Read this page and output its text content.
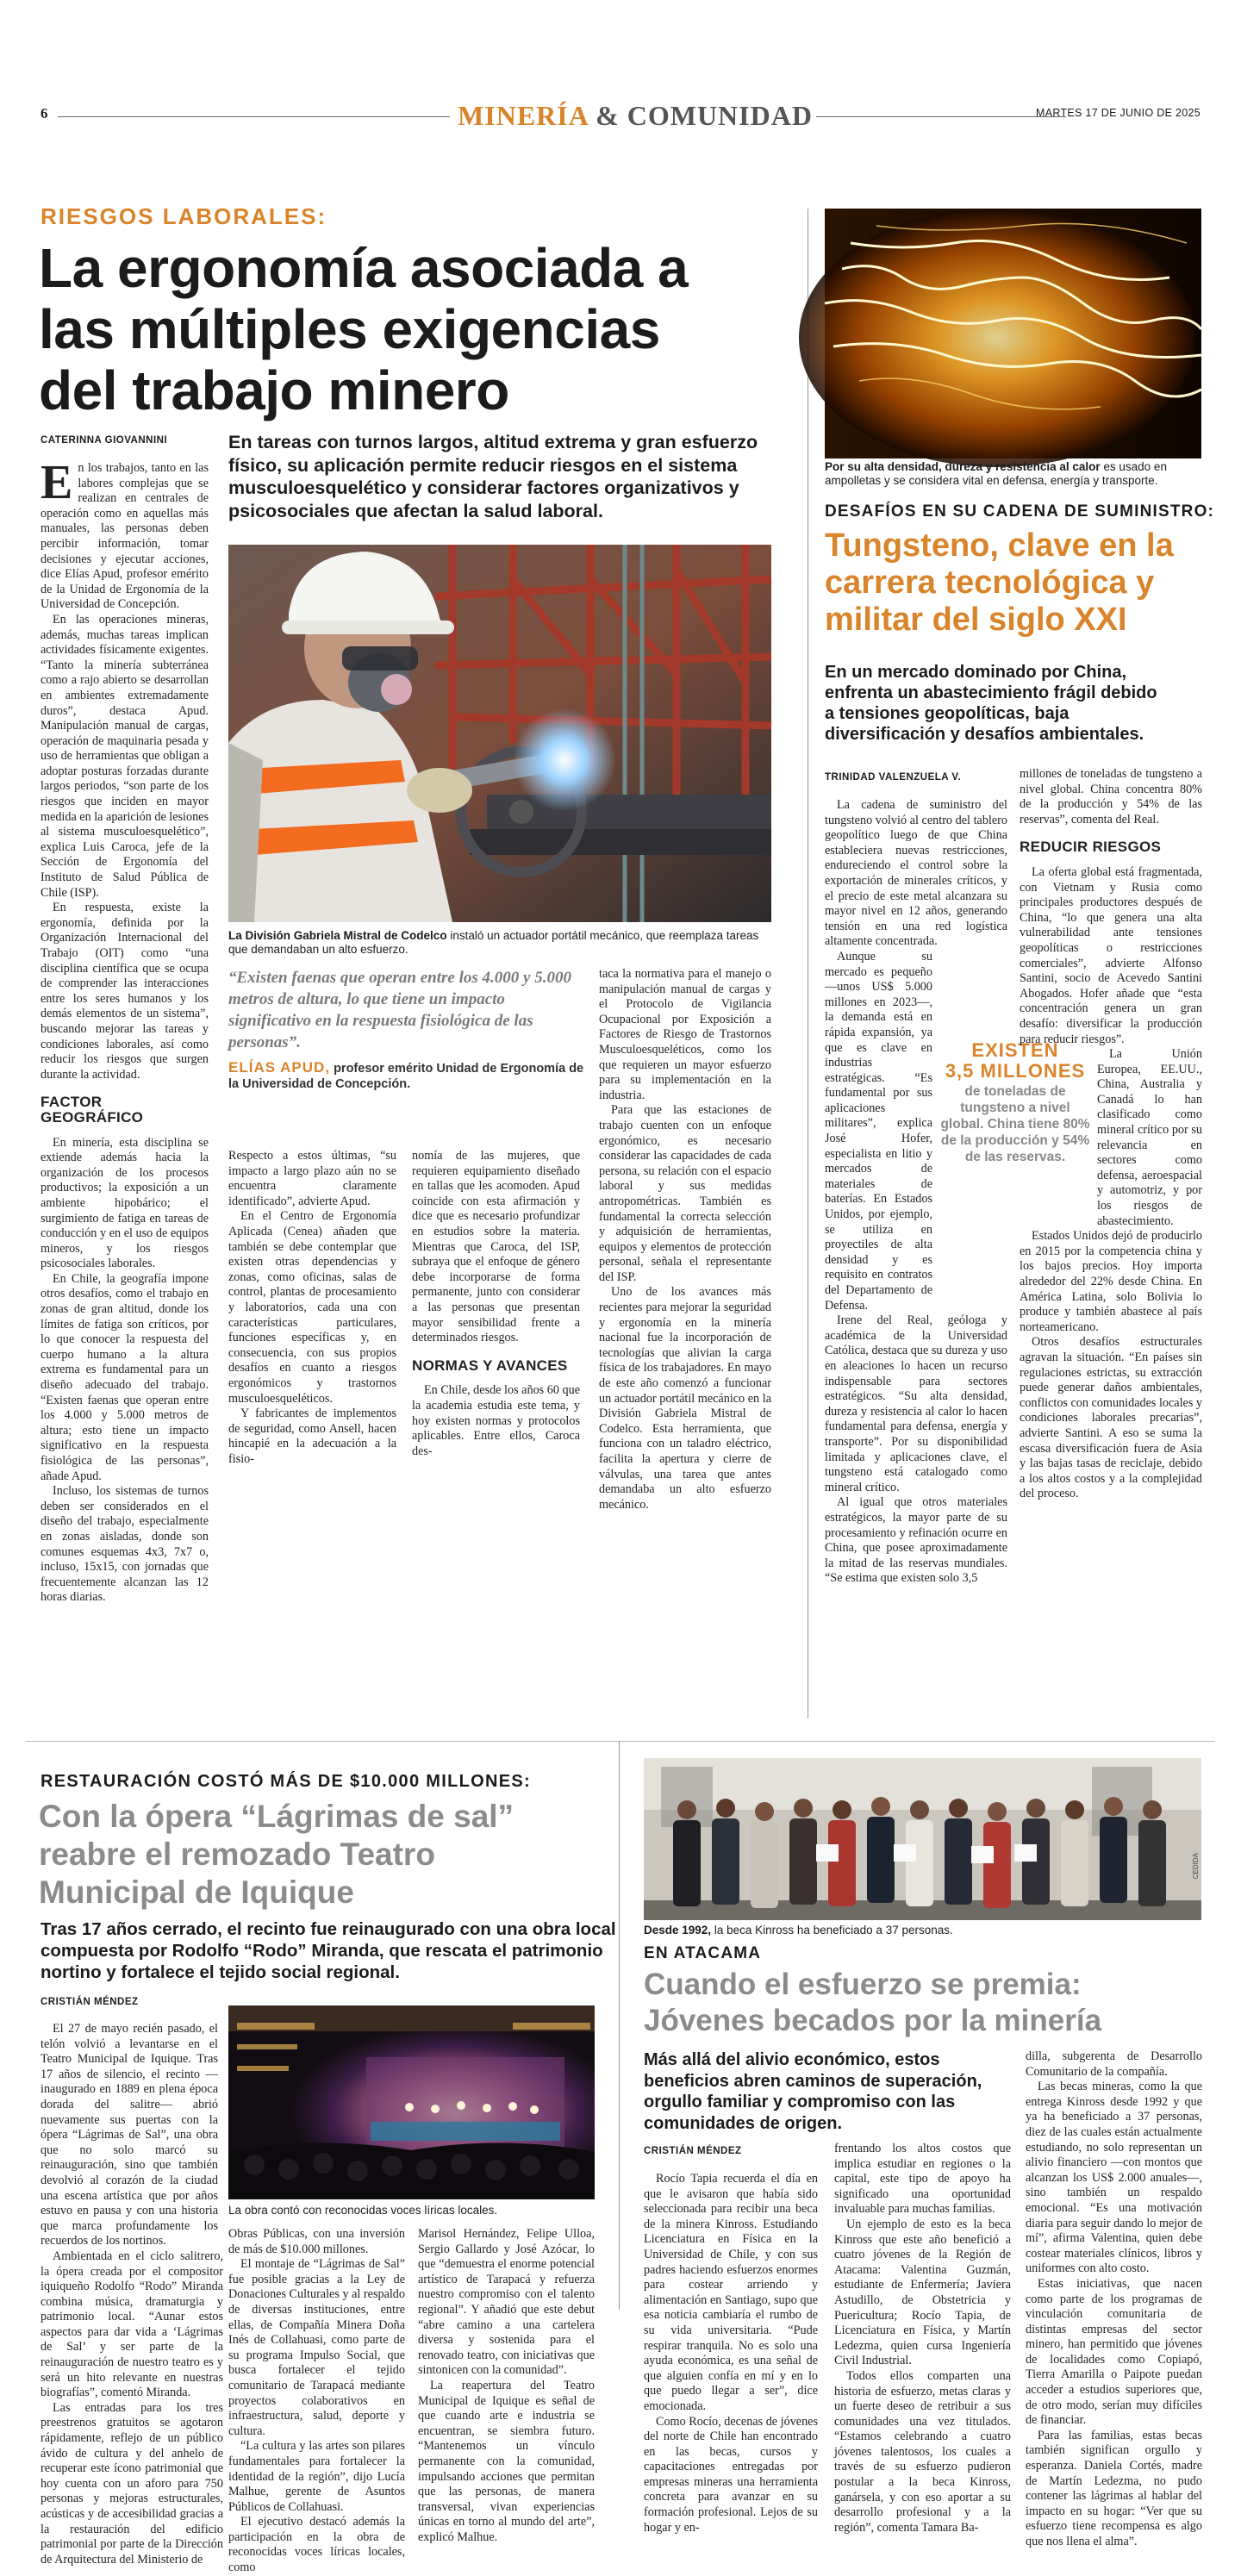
6	MINERÍA & COMUNIDAD	MARTES 17 DE JUNIO DE 2025
RIESGOS LABORALES:
La ergonomía asociada a
las múltiples exigencias
del trabajo minero
CATERINNA GIOVANNINI	En tareas con turnos largos, altitud extrema y gran esfuerzo físico, su aplicación permite reducir riesgos en el sistema musculoesquelético y considerar factores organizativos y psicosociales que afectan la salud laboral.

En los trabajos, tanto en las labores complejas que se realizan en centrales de operación como en aquellas más manuales, las personas deben percibir información, tomar decisiones y ejecutar acciones, dice Elías Apud, profesor emérito de la Unidad de Ergonomía de la Universidad de Concepción.

En las operaciones mineras, además, muchas tareas implican actividades físicamente exigentes. “Tanto la minería subterránea como a rajo abierto se desarrollan en ambientes extremadamente duros”, destaca Apud. Manipulación manual de cargas, operación de maquinaria pesada y uso de herramientas que obligan a adoptar posturas forzadas durante largos periodos, “son parte de los riesgos que inciden en mayor medida en la aparición de lesiones al sistema musculoesquelético”, explica Luis Caroca, jefe de la Sección de Ergonomía del Instituto de Salud Pública de Chile (ISP).

En respuesta, existe la ergonomía, definida por la Organización Internacional del Trabajo (OIT) como “una disciplina científica que se ocupa de comprender las interacciones entre los seres humanos y los demás elementos de un sistema”, buscando mejorar las tareas y condiciones laborales, así como reducir los riesgos que surgen durante la actividad.

FACTOR GEOGRÁFICO

En minería, esta disciplina se extiende además hacia la organización de los procesos productivos; la exposición a un ambiente hipobárico; el surgimiento de fatiga en tareas de conducción y en el uso de equipos mineros, y los riesgos psicosociales laborales.

En Chile, la geografía impone otros desafíos, como el trabajo en zonas de gran altitud, donde los límites de fatiga son críticos, por lo que conocer la respuesta del cuerpo humano a la altura extrema es fundamental para un diseño adecuado del trabajo. “Existen faenas que operan entre los 4.000 y 5.000 metros de altura; esto tiene un impacto significativo en la respuesta fisiológica de las personas”, añade Apud.

Incluso, los sistemas de turnos deben ser considerados en el diseño del trabajo, especialmente en zonas aisladas, donde son comunes esquemas 4x3, 7x7 o, incluso, 15x15, con jornadas que frecuentemente alcanzan las 12 horas diarias.

La División Gabriela Mistral de Codelco instaló un actuador portátil mecánico, que reemplaza tareas que demandaban un alto esfuerzo.
“Existen faenas que operan entre los 4.000 y 5.000 metros de altura, lo que tiene un impacto significativo en la respuesta fisiológica de las personas”.
ELÍAS APUD, profesor emérito Unidad de Ergonomía de la Universidad de Concepción.

Respecto a estos últimas, “su impacto a largo plazo aún no se encuentra claramente identificado”, advierte Apud.

En el Centro de Ergonomía Aplicada (Cenea) añaden que también se debe contemplar que existen otras dependencias y zonas, como oficinas, salas de control, plantas de procesamiento y laboratorios, cada una con características particulares, funciones específicas y, en consecuencia, con sus propios desafíos en cuanto a riesgos ergonómicos y trastornos musculoesqueléticos.

Y fabricantes de implementos de seguridad, como Ansell, hacen hincapié en la adecuación a la fisio-

nomía de las mujeres, que requieren equipamiento diseñado en tallas que les acomoden. Apud coincide con esta afirmación y dice que es necesario profundizar en estudios sobre la materia. Mientras que Caroca, del ISP, subraya que el enfoque de género debe incorporarse de forma permanente, junto con considerar a las personas que presentan mayor sensibilidad frente a determinados riesgos.

NORMAS Y AVANCES

En Chile, desde los años 60 que la academia estudia este tema, y hoy existen normas y protocolos aplicables. Entre ellos, Caroca des-

taca la normativa para el manejo o manipulación manual de cargas y el Protocolo de Vigilancia Ocupacional por Exposición a Factores de Riesgo de Trastornos Musculoesqueléticos, como los que requieren un mayor esfuerzo para su implementación en la industria.

Para que las estaciones de trabajo cuenten con un enfoque ergonómico, es necesario considerar las capacidades de cada persona, su relación con el espacio laboral y sus medidas antropométricas. También es fundamental la correcta selección y adquisición de herramientas, equipos y elementos de protección personal, señala el representante del ISP.

Uno de los avances más recientes para mejorar la seguridad y ergonomía en la minería nacional fue la incorporación de tecnologías que alivian la carga física de los trabajadores. En mayo de este año comenzó a funcionar un actuador portátil mecánico en la División Gabriela Mistral de Codelco. Esta herramienta, que funciona con un taladro eléctrico, facilita la apertura y cierre de válvulas, una tarea que antes demandaba un alto esfuerzo mecánico.

Por su alta densidad, dureza y resistencia al calor es usado en ampolletas y se considera vital en defensa, energía y transporte.
DESAFÍOS EN SU CADENA DE SUMINISTRO:
Tungsteno, clave en la
carrera tecnológica y
militar del siglo XXI
En un mercado dominado por China, enfrenta un abastecimiento frágil debido a tensiones geopolíticas, baja diversificación y desafíos ambientales.
TRINIDAD VALENZUELA V.

La cadena de suministro del tungsteno volvió al centro del tablero geopolítico luego de que China estableciera nuevas restricciones, endureciendo el control sobre la exportación de minerales críticos, y el precio de este metal alcanzara su mayor nivel en 12 años, generando tensión en una red logística altamente concentrada.

Aunque su mercado es pequeño —unos US$ 5.000 millones en 2023—, la demanda está en rápida expansión, ya que es clave en industrias estratégicas. “Es fundamental por sus aplicaciones militares”, explica José Hofer, especialista en litio y mercados de materiales de baterías. En Estados Unidos, por ejemplo, se utiliza en proyectiles de alta densidad y es requisito en contratos del Departamento de Defensa.

Irene del Real, geóloga y académica de la Universidad Católica, destaca que su dureza y uso en aleaciones lo hacen un recurso indispensable para sectores estratégicos. “Su alta densidad, dureza y resistencia al calor lo hacen fundamental para defensa, energía y transporte”. Por su disponibilidad limitada y aplicaciones clave, el tungsteno está catalogado como mineral crítico.

Al igual que otros materiales estratégicos, la mayor parte de su procesamiento y refinación ocurre en China, que posee aproximadamente la mitad de las reservas mundiales. “Se estima que existen solo 3,5

EXISTEN
3,5 MILLONES
de toneladas de tungsteno a nivel global. China tiene 80% de la producción y 54% de las reservas.

millones de toneladas de tungsteno a nivel global. China concentra 80% de la producción y 54% de las reservas”, comenta del Real.

REDUCIR RIESGOS

La oferta global está fragmentada, con Vietnam y Rusia como principales productores después de China, “lo que genera una alta vulnerabilidad ante tensiones geopolíticas o restricciones comerciales”, advierte Alfonso Santini, socio de Acevedo Santini Abogados. Hofer añade que “esta concentración genera un gran desafío: diversificar la producción para reducir riesgos”.

La Unión Europea, EE.UU., China, Australia y Canadá lo han clasificado como mineral crítico por su relevancia en sectores como defensa, aeroespacial y automotriz, y por los riesgos de abastecimiento.

Estados Unidos dejó de producirlo en 2015 por la competencia china y los bajos precios. Hoy importa alrededor del 22% desde China. En América Latina, solo Bolivia lo produce y también abastece al país norteamericano.

Otros desafíos estructurales agravan la situación. “En países sin regulaciones estrictas, su extracción puede generar daños ambientales, conflictos con comunidades locales y condiciones laborales precarias”, advierte Santini. A eso se suma la escasa diversificación fuera de Asia y las bajas tasas de reciclaje, debido a los altos costos y a la complejidad del proceso.

RESTAURACIÓN COSTÓ MÁS DE $10.000 MILLONES:
Con la ópera “Lágrimas de sal”
reabre el remozado Teatro
Municipal de Iquique
Tras 17 años cerrado, el recinto fue reinaugurado con una obra local compuesta por Rodolfo “Rodo” Miranda, que rescata el patrimonio nortino y fortalece el tejido social regional.
CRISTIÁN MÉNDEZ

El 27 de mayo recién pasado, el telón volvió a levantarse en el Teatro Municipal de Iquique. Tras 17 años de silencio, el recinto —inaugurado en 1889 en plena época dorada del salitre— abrió nuevamente sus puertas con la ópera “Lágrimas de Sal”, una obra que no solo marcó su reinauguración, sino que también devolvió al corazón de la ciudad una escena artística que por años estuvo en pausa y con una historia que marca profundamente los recuerdos de los nortinos.

Ambientada en el ciclo salitrero, la ópera creada por el compositor iquiqueño Rodolfo “Rodo” Miranda combina música, dramaturgia y patrimonio local. “Aunar estos aspectos para dar vida a ‘Lágrimas de Sal’ y ser parte de la reinauguración de nuestro teatro es y será un hito relevante en nuestras biografías”, comentó Miranda.

Las entradas para los tres preestrenos gratuitos se agotaron rápidamente, reflejo de un público ávido de cultura y del anhelo de recuperar este ícono patrimonial que hoy cuenta con un aforo para 750 personas y mejoras estructurales, acústicas y de accesibilidad gracias a la restauración del edificio patrimonial por parte de la Dirección de Arquitectura del Ministerio de

La obra contó con reconocidas voces líricas locales.

Obras Públicas, con una inversión de más de $10.000 millones.

El montaje de “Lágrimas de Sal” fue posible gracias a la Ley de Donaciones Culturales y al respaldo de diversas instituciones, entre ellas, de Compañía Minera Doña Inés de Collahuasi, como parte de su programa Impulso Social, que busca fortalecer el tejido comunitario de Tarapacá mediante proyectos colaborativos en infraestructura, salud, deporte y cultura.

“La cultura y las artes son pilares fundamentales para fortalecer la identidad de la región”, dijo Lucía Malhue, gerente de Asuntos Públicos de Collahuasi.

El ejecutivo destacó además la participación en la obra de reconocidas voces líricas locales, como

Marisol Hernández, Felipe Ulloa, Sergio Gallardo y José Azócar, lo que “demuestra el enorme potencial artístico de Tarapacá y refuerza nuestro compromiso con el talento regional”. Y añadió que este debut “abre camino a una cartelera diversa y sostenida para el renovado teatro, con iniciativas que sintonicen con la comunidad”.

La reapertura del Teatro Municipal de Iquique es señal de que cuando arte e industria se encuentran, se siembra futuro. “Mantenemos un vínculo permanente con la comunidad, impulsando acciones que permitan que las personas, de manera transversal, vivan experiencias únicas en torno al mundo del arte”, explicó Malhue.

CEDIDA
Desde 1992, la beca Kinross ha beneficiado a 37 personas.
EN ATACAMA
Cuando el esfuerzo se premia:
Jóvenes becados por la minería
Más allá del alivio económico, estos beneficios abren caminos de superación, orgullo familiar y compromiso con las comunidades de origen.
CRISTIÁN MÉNDEZ

Rocío Tapia recuerda el día en que le avisaron que había sido seleccionada para recibir una beca de la minera Kinross. Estudiando Licenciatura en Física en la Universidad de Chile, y con sus padres haciendo esfuerzos enormes para costear arriendo y alimentación en Santiago, supo que esa noticia cambiaría el rumbo de su vida universitaria. “Pude respirar tranquila. No es solo una ayuda económica, es una señal de que alguien confía en mí y en lo que puedo llegar a ser”, dice emocionada.

Como Rocío, decenas de jóvenes del norte de Chile han encontrado en las becas, cursos y capacitaciones entregadas por empresas mineras una herramienta concreta para avanzar en su formación profesional. Lejos de su hogar y en-

frentando los altos costos que implica estudiar en regiones o la capital, este tipo de apoyo ha significado una oportunidad invaluable para muchas familias.

Un ejemplo de esto es la beca Kinross que este año benefició a cuatro jóvenes de la Región de Atacama: Valentina Guzmán, estudiante de Enfermería; Javiera Astudillo, de Obstetricia y Puericultura; Rocío Tapia, de Licenciatura en Física, y Martín Ledezma, quien cursa Ingeniería Civil Industrial.

Todos ellos comparten una historia de esfuerzo, metas claras y un fuerte deseo de retribuir a sus comunidades una vez titulados. “Estamos celebrando a cuatro jóvenes talentosos, los cuales a través de su esfuerzo pudieron postular a la beca Kinross, ganársela, y con eso aportar a su desarrollo profesional y a la región”, comenta Tamara Ba-

dilla, subgerenta de Desarrollo Comunitario de la compañía.

Las becas mineras, como la que entrega Kinross desde 1992 y que ya ha beneficiado a 37 personas, diez de las cuales están actualmente estudiando, no solo representan un alivio financiero —con montos que alcanzan los US$ 2.000 anuales—, sino también un respaldo emocional. “Es una motivación diaria para seguir dando lo mejor de mí”, afirma Valentina, quien debe costear materiales clínicos, libros y uniformes con alto costo.

Estas iniciativas, que nacen como parte de los programas de vinculación comunitaria de distintas empresas del sector minero, han permitido que jóvenes de localidades como Copiapó, Tierra Amarilla o Paipote puedan acceder a estudios superiores que, de otro modo, serían muy difíciles de financiar.

Para las familias, estas becas también significan orgullo y esperanza. Daniela Cortés, madre de Martín Ledezma, no pudo contener las lágrimas al hablar del impacto en su hogar: “Ver que su esfuerzo tiene recompensa es algo que nos llena el alma”.
